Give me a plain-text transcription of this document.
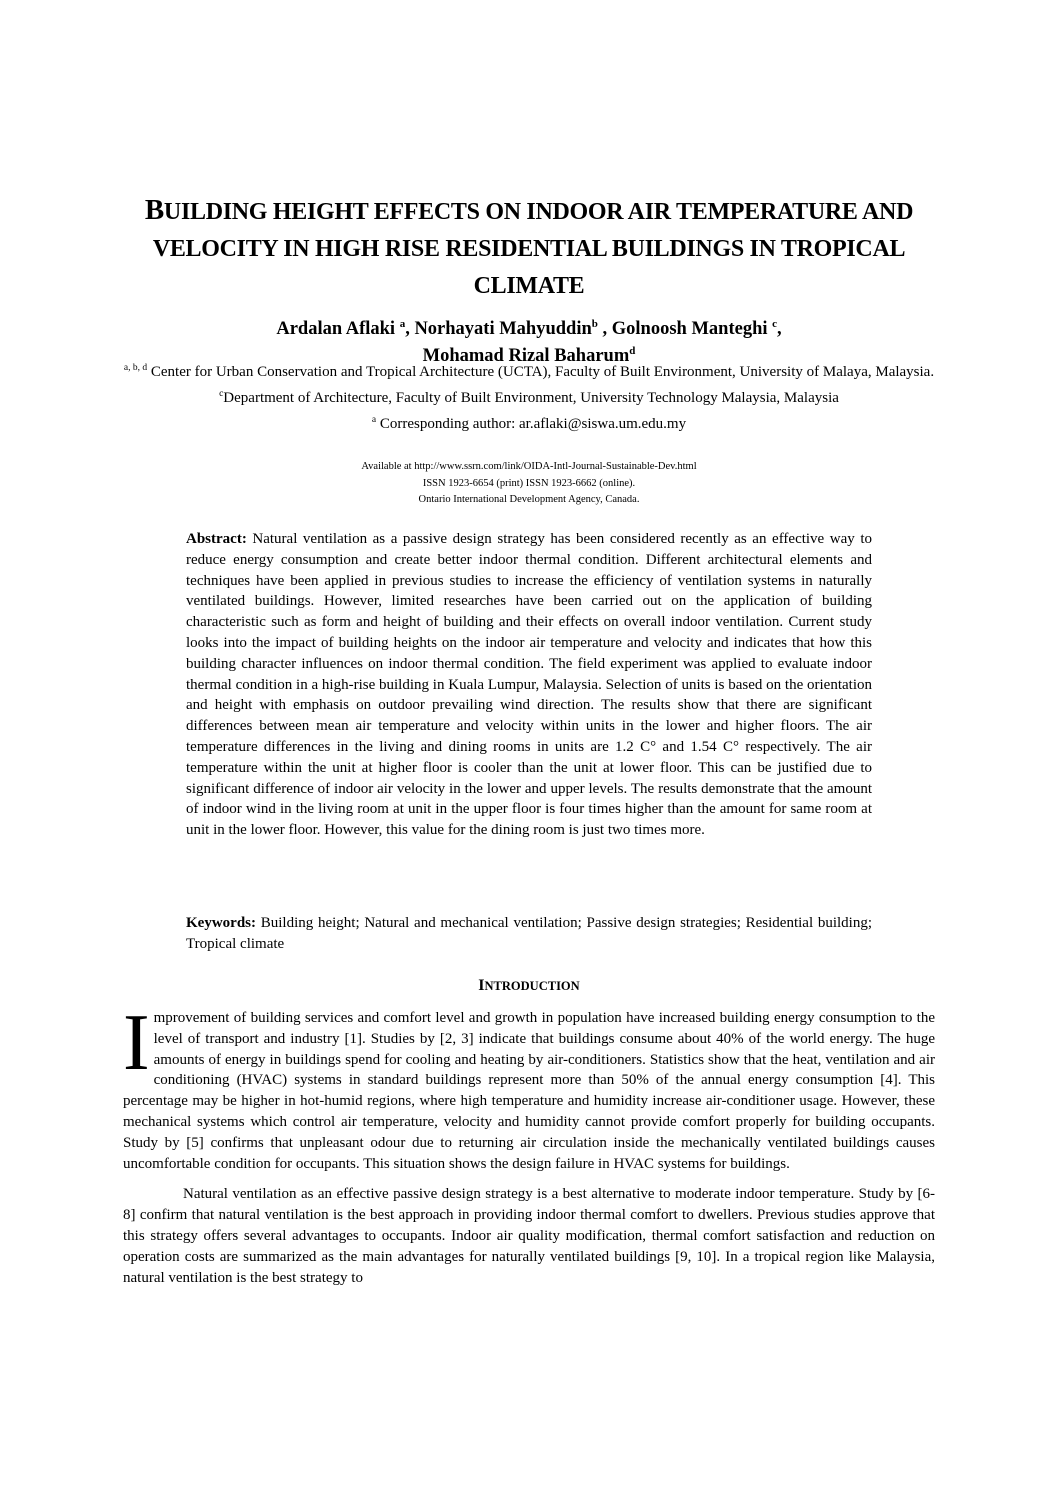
BUILDING HEIGHT EFFECTS ON INDOOR AIR TEMPERATURE AND VELOCITY IN HIGH RISE RESIDENTIAL BUILDINGS IN TROPICAL CLIMATE
Ardalan Aflaki $^a$, Norhayati Mahyuddin$^b$ , Golnoosh Manteghi $^c$,
Mohamad Rizal Baharum$^d$
$^{a, b, d}$ Center for Urban Conservation and Tropical Architecture (UCTA), Faculty of Built Environment, University of Malaya, Malaysia.
$^c$Department of Architecture, Faculty of Built Environment, University Technology Malaysia, Malaysia
$^a$ Corresponding author: ar.aflaki@siswa.um.edu.my
Available at http://www.ssrn.com/link/OIDA-Intl-Journal-Sustainable-Dev.html
ISSN 1923-6654 (print) ISSN 1923-6662 (online).
Ontario International Development Agency, Canada.
Abstract: Natural ventilation as a passive design strategy has been considered recently as an effective way to reduce energy consumption and create better indoor thermal condition. Different architectural elements and techniques have been applied in previous studies to increase the efficiency of ventilation systems in naturally ventilated buildings. However, limited researches have been carried out on the application of building characteristic such as form and height of building and their effects on overall indoor ventilation. Current study looks into the impact of building heights on the indoor air temperature and velocity and indicates that how this building character influences on indoor thermal condition. The field experiment was applied to evaluate indoor thermal condition in a high-rise building in Kuala Lumpur, Malaysia. Selection of units is based on the orientation and height with emphasis on outdoor prevailing wind direction. The results show that there are significant differences between mean air temperature and velocity within units in the lower and higher floors. The air temperature differences in the living and dining rooms in units are 1.2 C° and 1.54 C° respectively. The air temperature within the unit at higher floor is cooler than the unit at lower floor. This can be justified due to significant difference of indoor air velocity in the lower and upper levels. The results demonstrate that the amount of indoor wind in the living room at unit in the upper floor is four times higher than the amount for same room at unit in the lower floor. However, this value for the dining room is just two times more.
Keywords: Building height; Natural and mechanical ventilation; Passive design strategies; Residential building; Tropical climate
INTRODUCTION

Improvement of building services and comfort level and growth in population have increased building energy consumption to the level of transport and industry [1]. Studies by [2, 3] indicate that buildings consume about 40% of the world energy. The huge amounts of energy in buildings spend for cooling and heating by air-conditioners. Statistics show that the heat, ventilation and air conditioning (HVAC) systems in standard buildings represent more than 50% of the annual energy consumption [4]. This percentage may be higher in hot-humid regions, where high temperature and humidity increase air-conditioner usage. However, these mechanical systems which control air temperature, velocity and humidity cannot provide comfort properly for building occupants. Study by [5] confirms that unpleasant odour due to returning air circulation inside the mechanically ventilated buildings causes uncomfortable condition for occupants. This situation shows the design failure in HVAC systems for buildings.

Natural ventilation as an effective passive design strategy is a best alternative to moderate indoor temperature. Study by [6-8] confirm that natural ventilation is the best approach in providing indoor thermal comfort to dwellers. Previous studies approve that this strategy offers several advantages to occupants. Indoor air quality modification, thermal comfort satisfaction and reduction on operation costs are summarized as the main advantages for naturally ventilated buildings [9, 10]. In a tropical region like Malaysia, natural ventilation is the best strategy to
